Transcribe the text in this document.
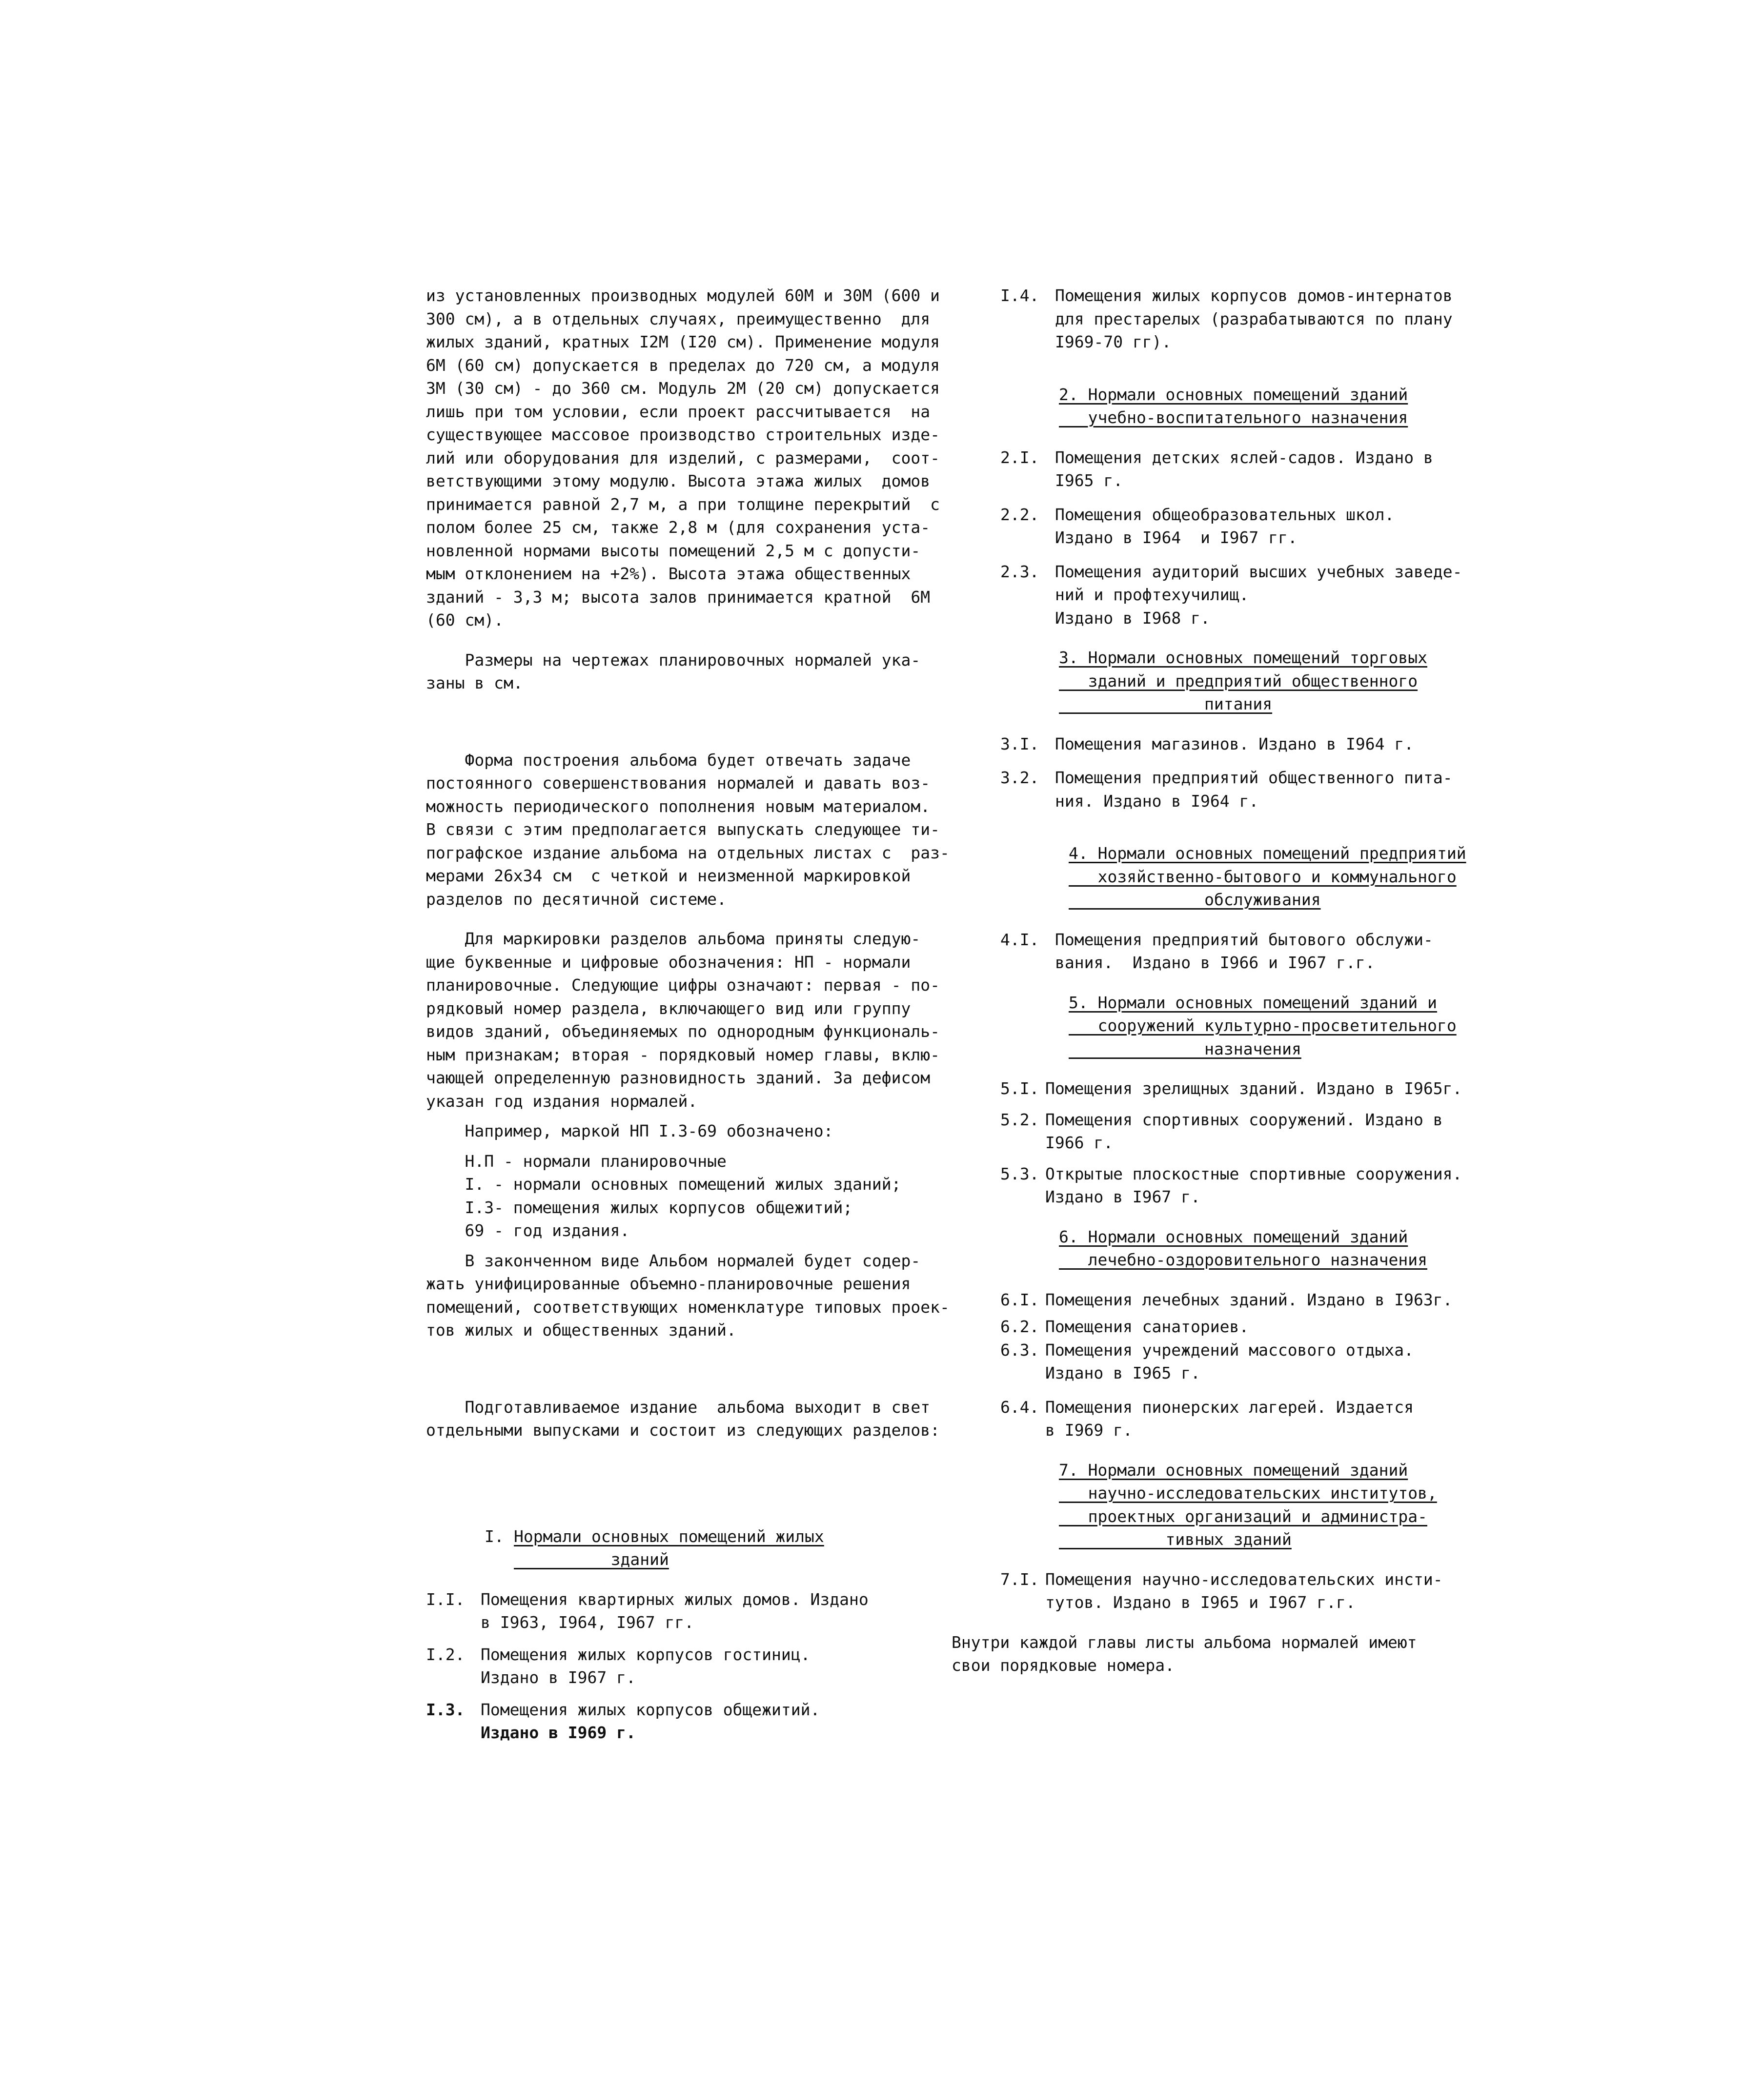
из установленных производных модулей 60М и 30М (600 и
300 см), а в отдельных случаях, преимущественно  для
жилых зданий, кратных I2М (I20 см). Применение модуля
6М (60 см) допускается в пределах до 720 см, а модуля
3М (30 см) - до 360 см. Модуль 2М (20 см) допускается
лишь при том условии, если проект рассчитывается  на
существующее массовое производство строительных изде-
лий или оборудования для изделий, с размерами,  соот-
ветствующими этому модулю. Высота этажа жилых  домов
принимается равной 2,7 м, а при толщине перекрытий  с
полом более 25 см, также 2,8 м (для сохранения уста-
новленной нормами высоты помещений 2,5 м с допусти-
мым отклонением на +2%). Высота этажа общественных
зданий - 3,3 м; высота залов принимается кратной  6М
(60 см).
Размеры на чертежах планировочных нормалей ука-
заны в см.
Форма построения альбома будет отвечать задаче
постоянного совершенствования нормалей и давать воз-
можность периодического пополнения новым материалом.
В связи с этим предполагается выпускать следующее ти-
пографское издание альбома на отдельных листах с  раз-
мерами 26х34 см  с четкой и неизменной маркировкой
разделов по десятичной системе.
Для маркировки разделов альбома приняты следую-
щие буквенные и цифровые обозначения: НП - нормали
планировочные. Следующие цифры означают: первая - по-
рядковый номер раздела, включающего вид или группу
видов зданий, объединяемых по однородным функциональ-
ным признакам; вторая - порядковый номер главы, вклю-
чающей определенную разновидность зданий. За дефисом
указан год издания нормалей.
Например, маркой НП I.3-69 обозначено:
Н.П - нормали планировочные
I. - нормали основных помещений жилых зданий;
I.3- помещения жилых корпусов общежитий;
69 - год издания.
В законченном виде Альбом нормалей будет содер-
жать унифицированные объемно-планировочные решения
помещений, соответствующих номенклатуре типовых проек-
тов жилых и общественных зданий.
Подготавливаемое издание  альбома выходит в свет
отдельными выпусками и состоит из следующих разделов:
I. Нормали основных помещений жилых
зданий
I.I. Помещения квартирных жилых домов. Издано
в I963, I964, I967 гг.
I.2. Помещения жилых корпусов гостиниц.
Издано в I967 г.
I.3. Помещения жилых корпусов общежитий.
Издано в I969 г.
I.4. Помещения жилых корпусов домов-интернатов
для престарелых (разрабатываются по плану
I969-70 гг).
2. Нормали основных помещений зданий
учебно-воспитательного назначения
2.I. Помещения детских яслей-садов. Издано в
I965 г.
2.2. Помещения общеобразовательных школ.
Издано в I964  и I967 гг.
2.3. Помещения аудиторий высших учебных заведе-
ний и профтехучилищ.
Издано в I968 г.
3. Нормали основных помещений торговых
зданий и предприятий общественного
питания
3.I. Помещения магазинов. Издано в I964 г.
3.2. Помещения предприятий общественного пита-
ния. Издано в I964 г.
4. Нормали основных помещений предприятий
хозяйственно-бытового и коммунального
обслуживания
4.I. Помещения предприятий бытового обслужи-
вания.  Издано в I966 и I967 г.г.
5. Нормали основных помещений зданий и
сооружений культурно-просветительного
назначения
5.I. Помещения зрелищных зданий. Издано в I965г.
5.2. Помещения спортивных сооружений. Издано в
I966 г.
5.3. Открытые плоскостные спортивные сооружения.
Издано в I967 г.
6. Нормали основных помещений зданий
лечебно-оздоровительного назначения
6.I. Помещения лечебных зданий. Издано в I963г.
6.2. Помещения санаториев.
6.3. Помещения учреждений массового отдыха.
Издано в I965 г.
6.4. Помещения пионерских лагерей. Издается
в I969 г.
7. Нормали основных помещений зданий
научно-исследовательских институтов,
проектных организаций и администра-
тивных зданий
7.I. Помещения научно-исследовательских инсти-
тутов. Издано в I965 и I967 г.г.
Внутри каждой главы листы альбома нормалей имеют
свои порядковые номера.
